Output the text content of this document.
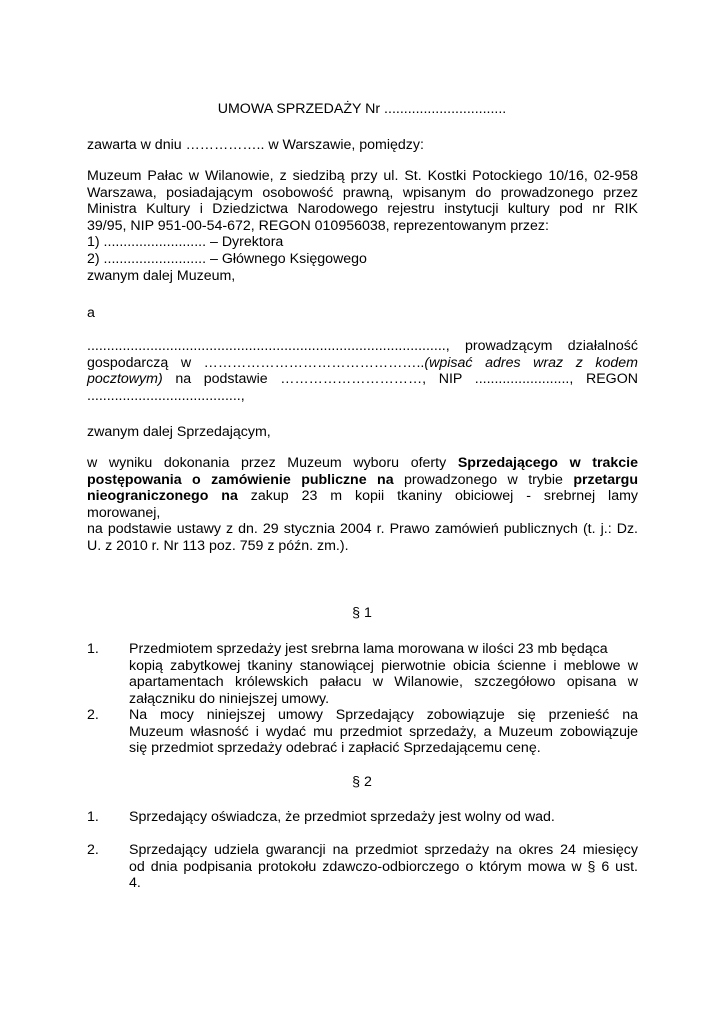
UMOWA SPRZEDAŻY Nr ...............................
zawarta w dniu …………….. w Warszawie, pomiędzy:
Muzeum Pałac w Wilanowie, z siedzibą przy ul. St. Kostki Potockiego 10/16, 02-958
Warszawa, posiadającym osobowość prawną, wpisanym do prowadzonego przez
Ministra Kultury i Dziedzictwa Narodowego rejestru instytucji kultury pod nr RIK
39/95, NIP 951-00-54-672, REGON 010956038, reprezentowanym przez:
1) .......................... – Dyrektora
2) .......................... – Głównego Księgowego
zwanym dalej Muzeum,
a
..........................................................................................., prowadzącym działalność
gospodarczą w ………………………………………..(wpisać adres wraz z kodem
pocztowym) na podstawie …………………………, NIP ........................, REGON
.......................................,
zwanym dalej Sprzedającym,
w wyniku dokonania przez Muzeum wyboru oferty Sprzedającego w trakcie
postępowania o zamówienie publiczne na prowadzonego w trybie przetargu
nieograniczonego na zakup 23 m kopii tkaniny obiciowej - srebrnej lamy
morowanej,
na podstawie ustawy z dn. 29 stycznia 2004 r. Prawo zamówień publicznych (t. j.: Dz.
U. z 2010 r. Nr 113 poz. 759 z późn. zm.).
§ 1
1. Przedmiotem sprzedaży jest srebrna lama morowana w ilości 23 mb będąca
kopią zabytkowej tkaniny stanowiącej pierwotnie obicia ścienne i meblowe w
apartamentach królewskich pałacu w Wilanowie, szczegółowo opisana w
załączniku do niniejszej umowy.
2. Na mocy niniejszej umowy Sprzedający zobowiązuje się przenieść na
Muzeum własność i wydać mu przedmiot sprzedaży, a Muzeum zobowiązuje
się przedmiot sprzedaży odebrać i zapłacić Sprzedającemu cenę.
§ 2
1. Sprzedający oświadcza, że przedmiot sprzedaży jest wolny od wad.
2. Sprzedający udziela gwarancji na przedmiot sprzedaży na okres 24 miesięcy
od dnia podpisania protokołu zdawczo-odbiorczego o którym mowa w § 6 ust.
4.
